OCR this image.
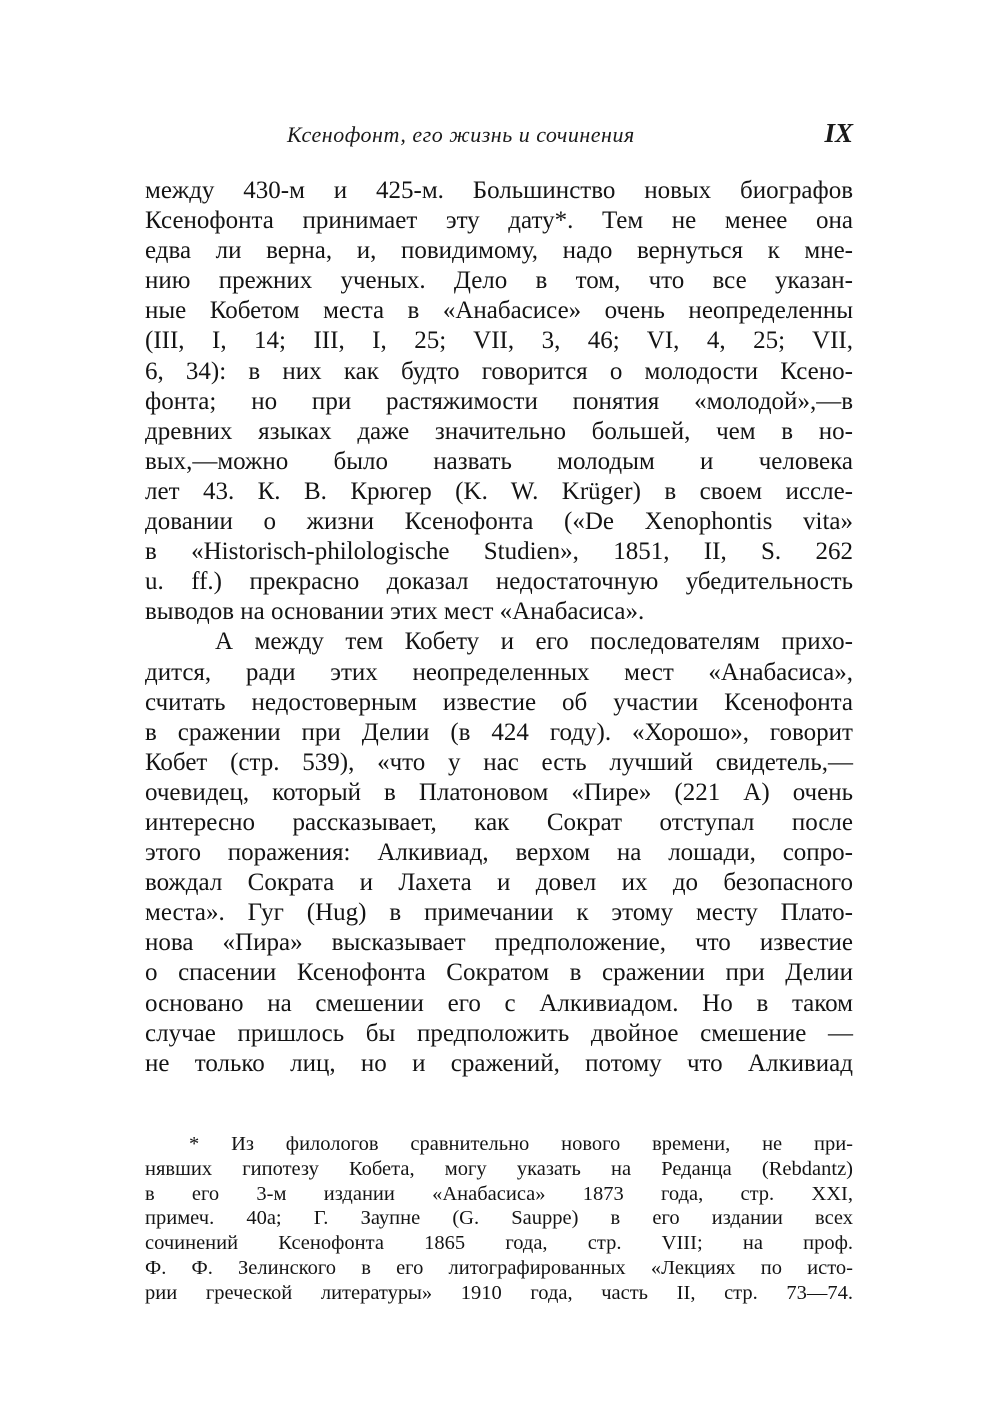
Ксенофонт, его жизнь и сочинения	IX
между 430-м и 425-м. Большинство новых биографов
Ксенофонта принимает эту дату*. Тем не менее она
едва ли верна, и, повидимому, надо вернуться к мне-
нию прежних ученых. Дело в том, что все указан-
ные Кобетом места в «Анабасисе» очень неопределенны
(III, I, 14; III, I, 25; VII, 3, 46; VI, 4, 25; VII,
6, 34): в них как будто говорится о молодости Ксено-
фонта; но при растяжимости понятия «молодой»,—в
древних языках даже значительно большей, чем в но-
вых,—можно было назвать молодым и человека
лет 43. К. В. Крюгер (K. W. Krüger) в своем иссле-
довании о жизни Ксенофонта («De Xenophontis vita»
в «Historisch-philologische Studien», 1851, II, S. 262
u. ff.) прекрасно доказал недостаточную убедительность
выводов на основании этих мест «Анабасиса».
А между тем Кобету и его последователям прихо-
дится, ради этих неопределенных мест «Анабасиса»,
считать недостоверным известие об участии Ксенофонта
в сражении при Делии (в 424 году). «Хорошо», говорит
Кобет (стр. 539), «что у нас есть лучший свидетель,—
очевидец, который в Платоновом «Пире» (221 A) очень
интересно рассказывает, как Сократ отступал после
этого поражения: Алкивиад, верхом на лошади, сопро-
вождал Сократа и Лахета и довел их до безопасного
места». Гуг (Hug) в примечании к этому месту Плато-
нова «Пира» высказывает предположение, что известие
о спасении Ксенофонта Сократом в сражении при Делии
основано на смешении его с Алкивиадом. Но в таком
случае пришлось бы предположить двойное смешение —
не только лиц, но и сражений, потому что Алкивиад
* Из филологов сравнительно нового времени, не при-
нявших гипотезу Кобета, могу указать на Реданца (Rebdantz)
в его 3-м издании «Анабасиса» 1873 года, стр. XXI,
примеч. 40a; Г. Заупне (G. Sauppe) в его издании всех
сочинений Ксенофонта 1865 года, стр. VIII; на проф.
Ф. Ф. Зелинского в его литографированных «Лекциях по исто-
рии греческой литературы» 1910 года, часть II, стр. 73—74.
